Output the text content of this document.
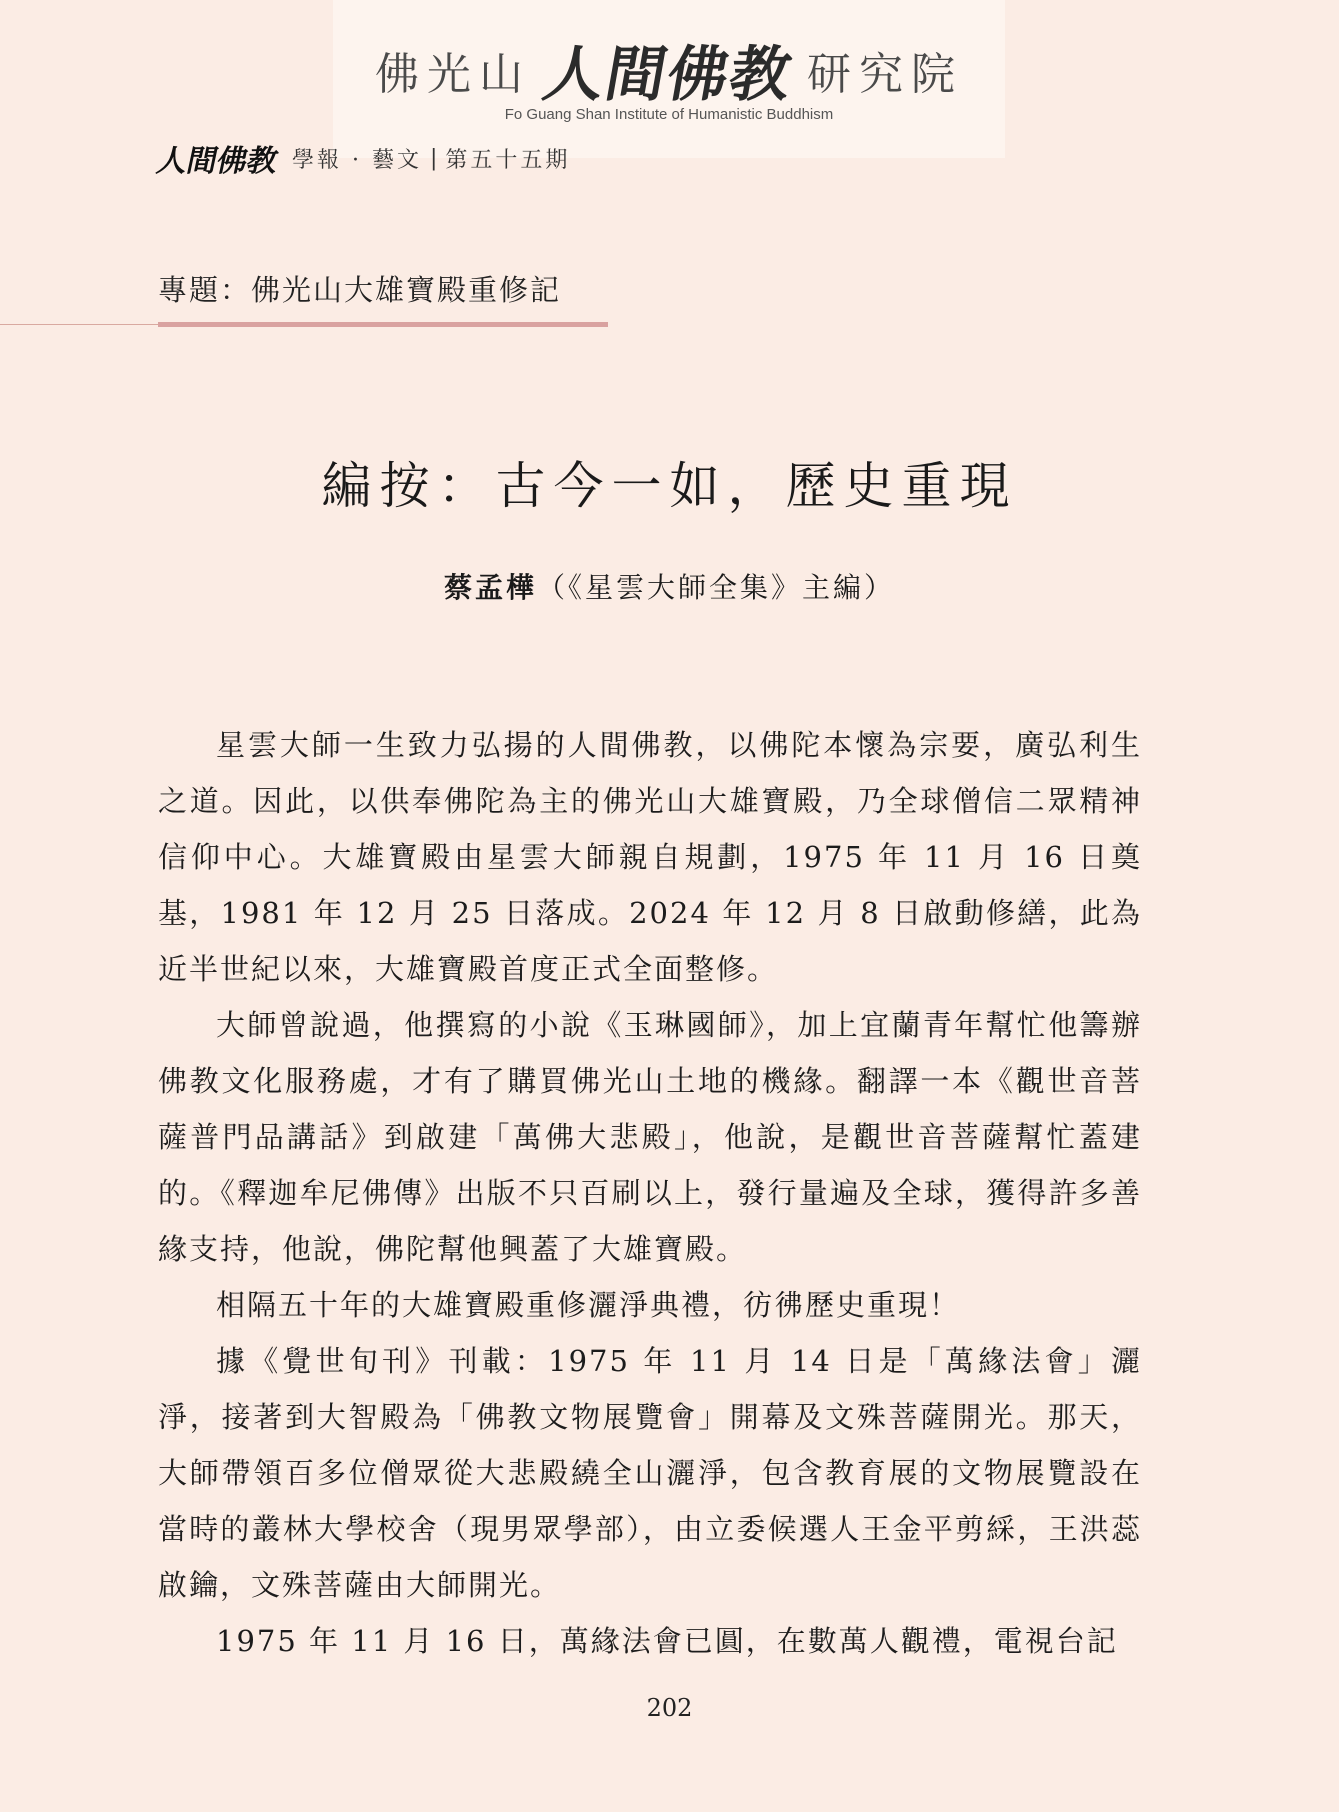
佛光山 人間佛教 研究院
Fo Guang Shan Institute of Humanistic Buddhism
人間佛教 學報 · 藝文 | 第五十五期
專題：佛光山大雄寶殿重修記
編按：古今一如，歷史重現
蔡孟樺（《星雲大師全集》主編）

星雲大師一生致力弘揚的人間佛教，以佛陀本懷為宗要，廣弘利生之道。因此，以供奉佛陀為主的佛光山大雄寶殿，乃全球僧信二眾精神信仰中心。大雄寶殿由星雲大師親自規劃，1975 年 11 月 16 日奠基，1981 年 12 月 25 日落成。2024 年 12 月 8 日啟動修繕，此為近半世紀以來，大雄寶殿首度正式全面整修。

大師曾說過，他撰寫的小說《玉琳國師》，加上宜蘭青年幫忙他籌辦佛教文化服務處，才有了購買佛光山土地的機緣。翻譯一本《觀世音菩薩普門品講話》到啟建「萬佛大悲殿」，他說，是觀世音菩薩幫忙蓋建的。《釋迦牟尼佛傳》出版不只百刷以上，發行量遍及全球，獲得許多善緣支持，他說，佛陀幫他興蓋了大雄寶殿。

相隔五十年的大雄寶殿重修灑淨典禮，彷彿歷史重現！

據《覺世旬刊》刊載：1975 年 11 月 14 日是「萬緣法會」灑淨，接著到大智殿為「佛教文物展覽會」開幕及文殊菩薩開光。那天，大師帶領百多位僧眾從大悲殿繞全山灑淨，包含教育展的文物展覽設在當時的叢林大學校舍（現男眾學部），由立委候選人王金平剪綵，王洪蕊啟鑰，文殊菩薩由大師開光。

1975 年 11 月 16 日，萬緣法會已圓，在數萬人觀禮，電視台記

202
